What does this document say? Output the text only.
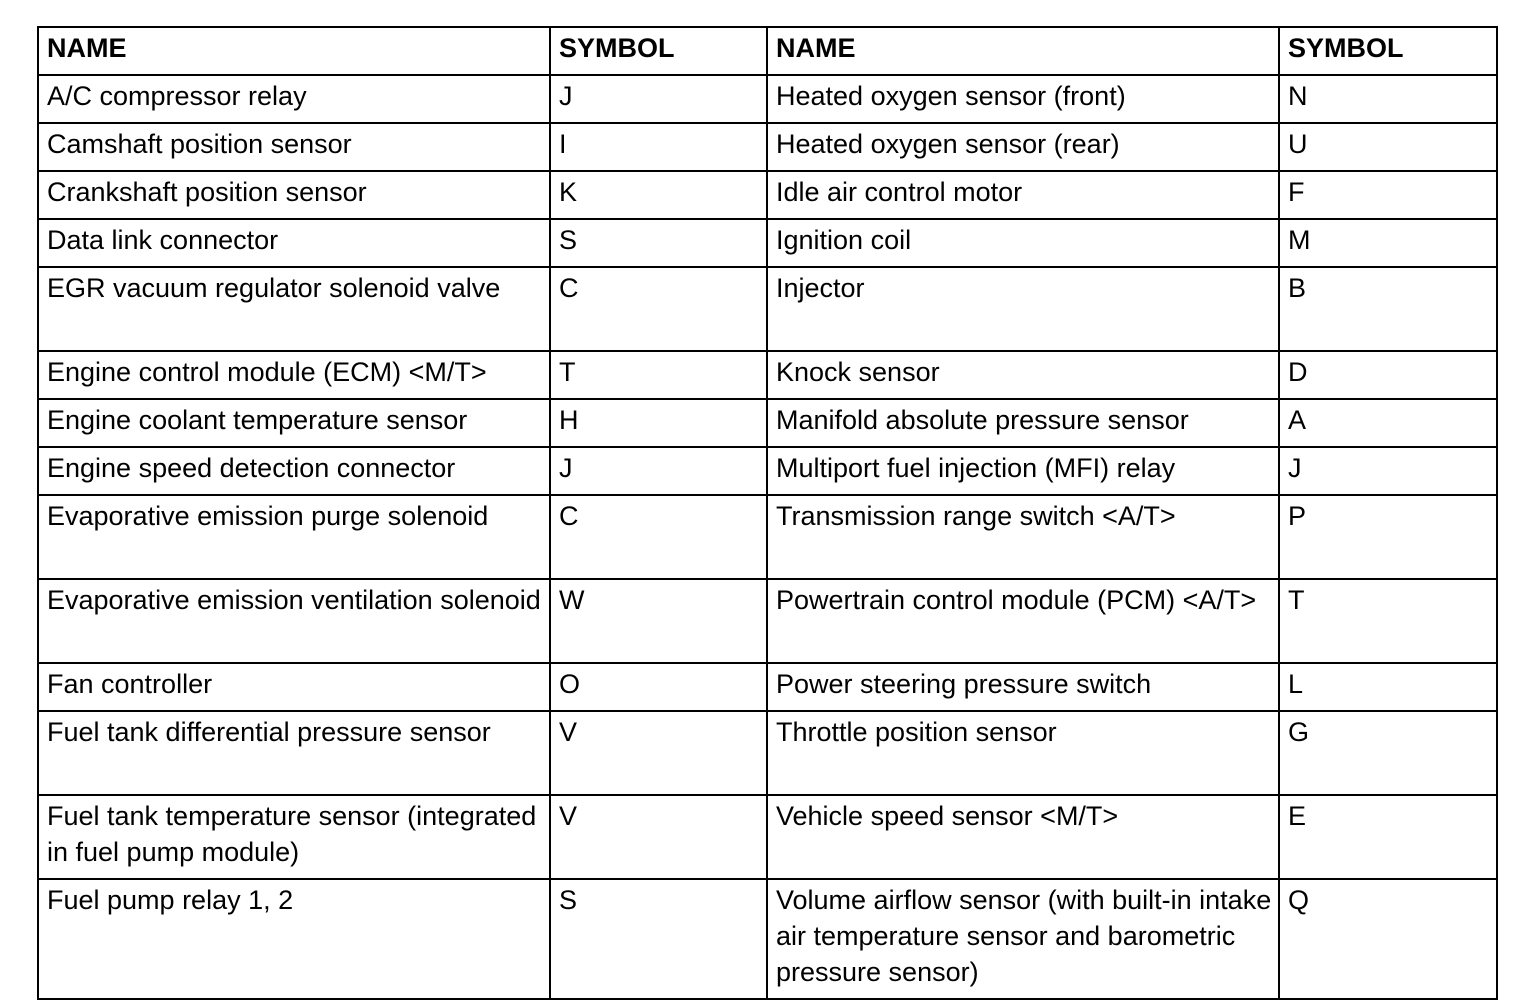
NAME	SYMBOL	NAME	SYMBOL
A/C compressor relay	J	Heated oxygen sensor (front)	N
Camshaft position sensor	I	Heated oxygen sensor (rear)	U
Crankshaft position sensor	K	Idle air control motor	F
Data link connector	S	Ignition coil	M
EGR vacuum regulator solenoid valve	C	Injector	B
Engine control module (ECM) <M/T>	T	Knock sensor	D
Engine coolant temperature sensor	H	Manifold absolute pressure sensor	A
Engine speed detection connector	J	Multiport fuel injection (MFI) relay	J
Evaporative emission purge solenoid	C	Transmission range switch <A/T>	P
Evaporative emission ventilation solenoid	W	Powertrain control module (PCM) <A/T>	T
Fan controller	O	Power steering pressure switch	L
Fuel tank differential pressure sensor	V	Throttle position sensor	G
Fuel tank temperature sensor (integrated in fuel pump module)	V	Vehicle speed sensor <M/T>	E
Fuel pump relay 1, 2	S	Volume airflow sensor (with built-in intake air temperature sensor and barometric pressure sensor)	Q
